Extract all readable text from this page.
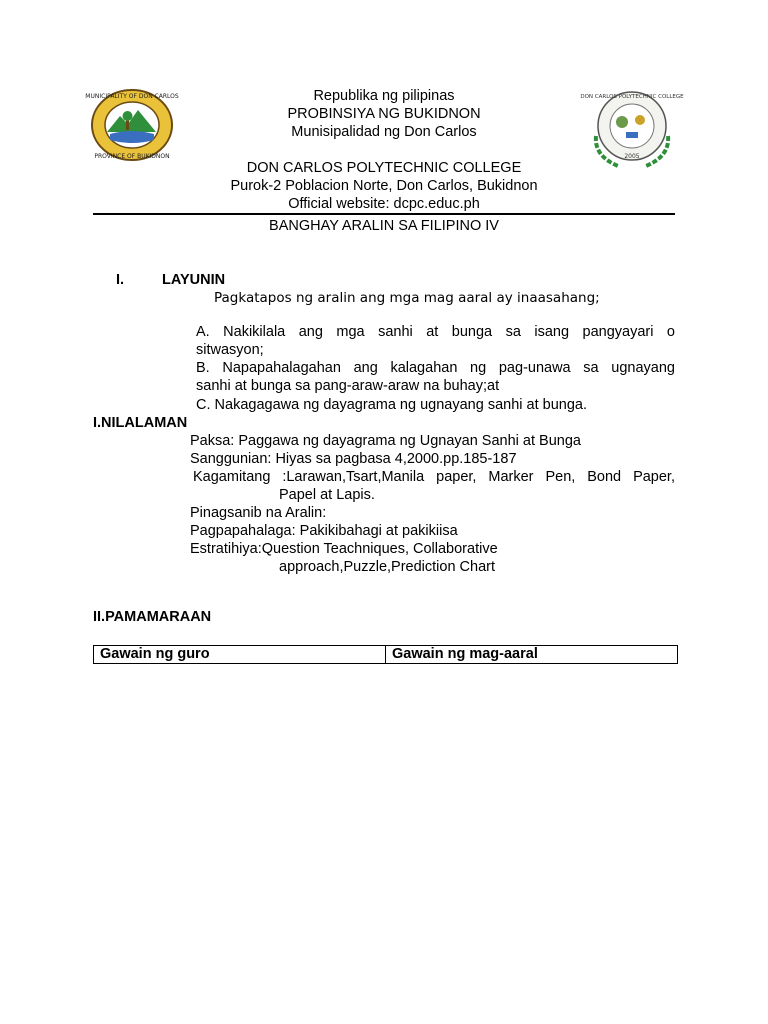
MUNICIPALITY OF DON CARLOS
PROVINCE OF BUKIDNON
DON CARLOS POLYTECHNIC COLLEGE
2005
Republika ng pilipinas
PROBINSIYA NG BUKIDNON
Munisipalidad ng Don Carlos
DON CARLOS POLYTECHNIC COLLEGE
Purok-2 Poblacion Norte, Don Carlos, Bukidnon
Official website: dcpc.educ.ph
BANGHAY ARALIN SA FILIPINO IV
I.	LAYUNIN
Pagkatapos ng aralin ang mga mag aaral ay inaasahang;
A. Nakikilala ang mga sanhi at bunga sa isang pangyayari o
sitwasyon;
B. Napapahalagahan ang kalagahan ng pag-unawa sa ugnayang
sanhi at bunga sa pang-araw-araw na buhay;at
C. Nakagagawa ng dayagrama ng ugnayang sanhi at bunga.
I.NILALAMAN
Paksa: Paggawa ng dayagrama ng Ugnayan Sanhi at Bunga
Sanggunian: Hiyas sa pagbasa 4,2000.pp.185-187
Kagamitang :Larawan,Tsart,Manila paper, Marker Pen, Bond Paper,
Papel at Lapis.
Pinagsanib na Aralin:
Pagpapahalaga: Pakikibahagi at pakikiisa
Estratihiya:Question Teachniques, Collaborative
approach,Puzzle,Prediction Chart
II.PAMAMARAAN
Gawain ng guro	Gawain ng mag-aaral
